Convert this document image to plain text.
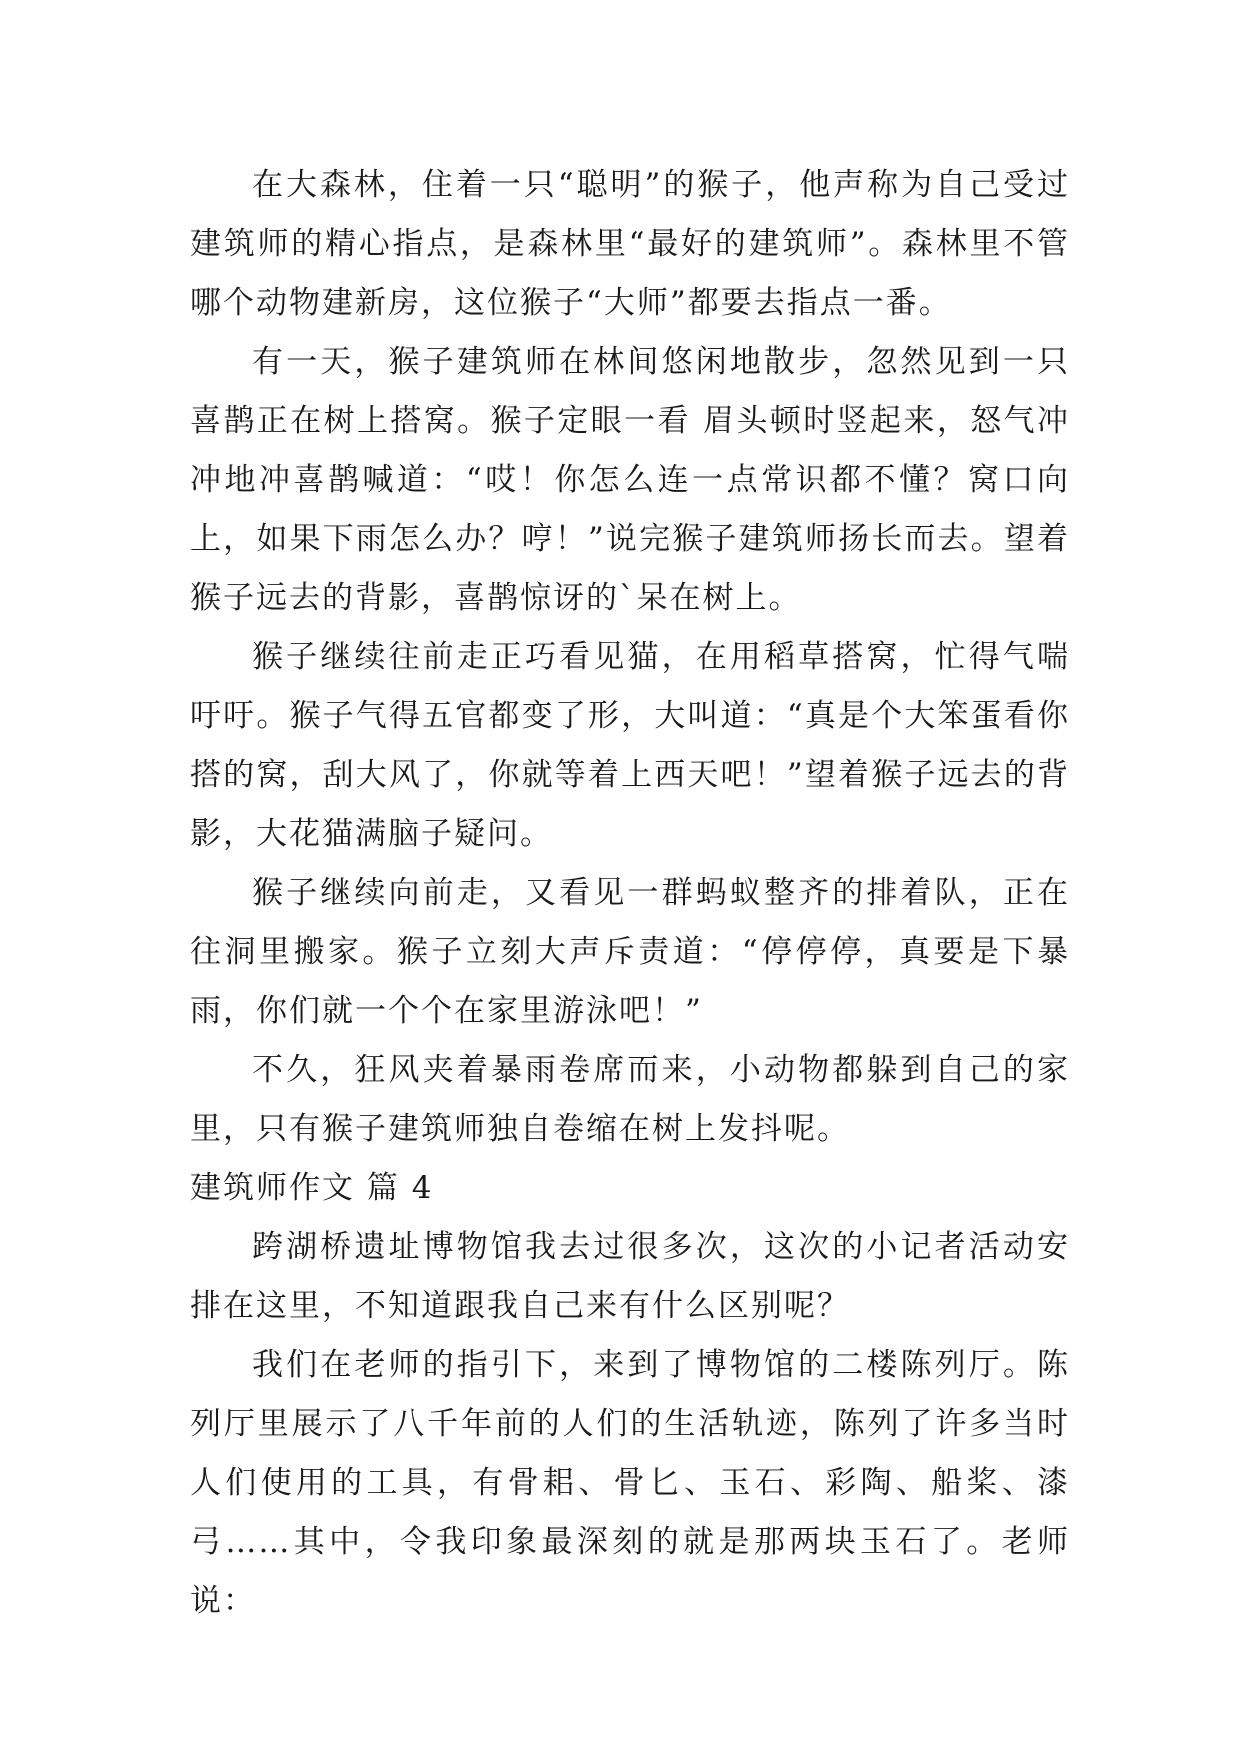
在大森林，住着一只“聪明”的猴子，他声称为自己受过建筑师的精心指点，是森林里“最好的建筑师”。森林里不管哪个动物建新房，这位猴子“大师”都要去指点一番。

有一天，猴子建筑师在林间悠闲地散步，忽然见到一只喜鹊正在树上搭窝。猴子定眼一看 眉头顿时竖起来，怒气冲冲地冲喜鹊喊道：“哎！你怎么连一点常识都不懂？窝口向上，如果下雨怎么办？哼！”说完猴子建筑师扬长而去。望着猴子远去的背影，喜鹊惊讶的`呆在树上。

猴子继续往前走正巧看见猫，在用稻草搭窝，忙得气喘吁吁。猴子气得五官都变了形，大叫道：“真是个大笨蛋看你搭的窝，刮大风了，你就等着上西天吧！”望着猴子远去的背影，大花猫满脑子疑问。

猴子继续向前走，又看见一群蚂蚁整齐的排着队，正在往洞里搬家。猴子立刻大声斥责道：“停停停，真要是下暴雨，你们就一个个在家里游泳吧！”

不久，狂风夹着暴雨卷席而来，小动物都躲到自己的家里，只有猴子建筑师独自卷缩在树上发抖呢。

建筑师作文 篇 4

跨湖桥遗址博物馆我去过很多次，这次的小记者活动安排在这里，不知道跟我自己来有什么区别呢？

我们在老师的指引下，来到了博物馆的二楼陈列厅。陈列厅里展示了八千年前的人们的生活轨迹，陈列了许多当时人们使用的工具，有骨耜、骨匕、玉石、彩陶、船桨、漆弓……其中，令我印象最深刻的就是那两块玉石了。老师说：
